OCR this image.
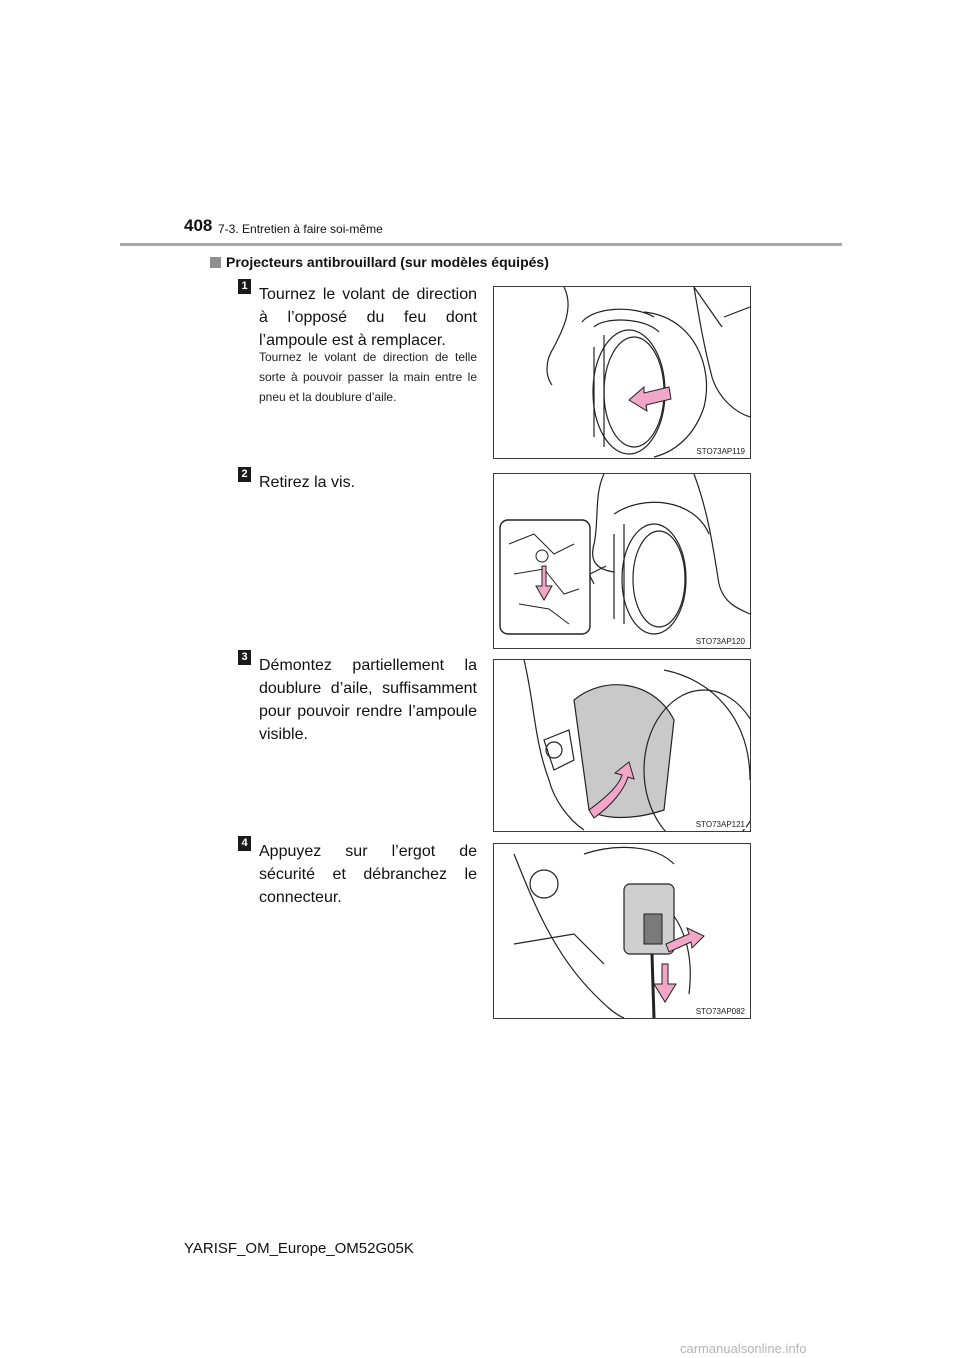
408 7-3. Entretien à faire soi-même
Projecteurs antibrouillard (sur modèles équipés)
1 Tournez le volant de direction à l’opposé du feu dont l’ampoule est à remplacer.
Tournez le volant de direction de telle sorte à pouvoir passer la main entre le pneu et la doublure d’aile.
STO73AP119
2 Retirez la vis.
STO73AP120
3 Démontez partiellement la doublure d’aile, suffisamment pour pouvoir rendre l’ampoule visible.
STO73AP121
4 Appuyez sur l’ergot de sécurité et débranchez le connecteur.
STO73AP082
YARISF_OM_Europe_OM52G05K
carmanualsonline.info
